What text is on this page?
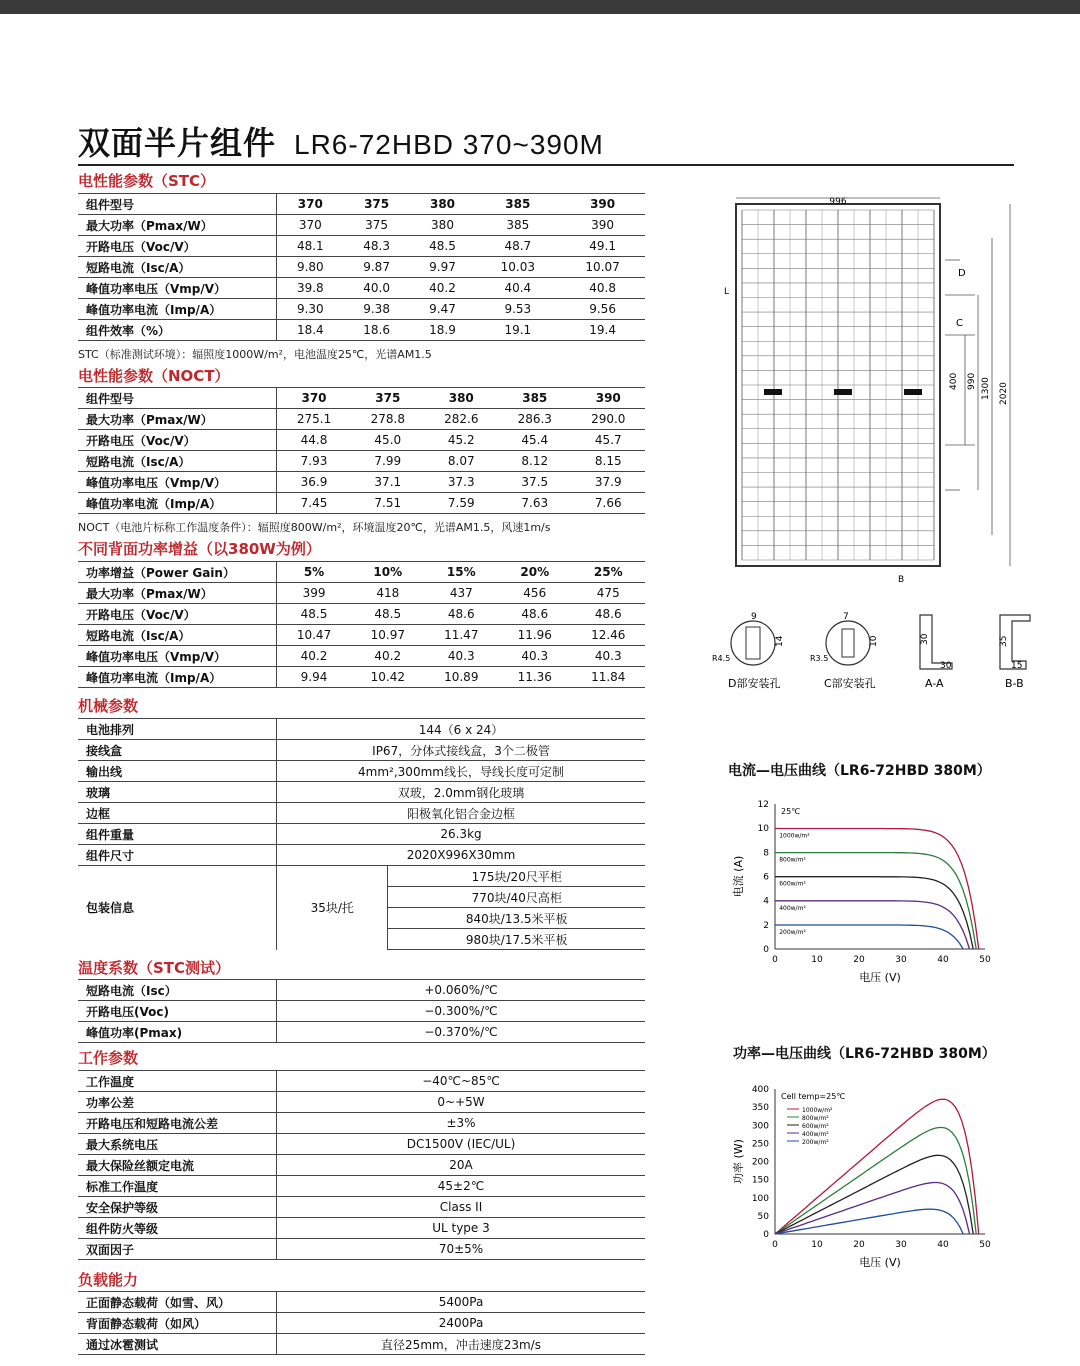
双面半片组件 LR6-72HBD 370~390M
电性能参数（STC）
组件型号	370	375	380	385	390
最大功率（Pmax/W）	370	375	380	385	390
开路电压（Voc/V）	48.1	48.3	48.5	48.7	49.1
短路电流（Isc/A）	9.80	9.87	9.97	10.03	10.07
峰值功率电压（Vmp/V）	39.8	40.0	40.2	40.4	40.8
峰值功率电流（Imp/A）	9.30	9.38	9.47	9.53	9.56
组件效率（%）	18.4	18.6	18.9	19.1	19.4
STC（标准测试环境）：辐照度1000W/m²，电池温度25℃，光谱AM1.5
电性能参数（NOCT）
组件型号	370	375	380	385	390
最大功率（Pmax/W）	275.1	278.8	282.6	286.3	290.0
开路电压（Voc/V）	44.8	45.0	45.2	45.4	45.7
短路电流（Isc/A）	7.93	7.99	8.07	8.12	8.15
峰值功率电压（Vmp/V）	36.9	37.1	37.3	37.5	37.9
峰值功率电流（Imp/A）	7.45	7.51	7.59	7.63	7.66
NOCT（电池片标称工作温度条件）：辐照度800W/m²，环境温度20℃，光谱AM1.5，风速1m/s
不同背面功率增益（以380W为例）
功率增益（Power Gain）	5%	10%	15%	20%	25%
最大功率（Pmax/W）	399	418	437	456	475
开路电压（Voc/V）	48.5	48.5	48.6	48.6	48.6
短路电流（Isc/A）	10.47	10.97	11.47	11.96	12.46
峰值功率电压（Vmp/V）	40.2	40.2	40.3	40.3	40.3
峰值功率电流（Imp/A）	9.94	10.42	10.89	11.36	11.84
机械参数
电池排列	144（6 x 24）	
接线盒	IP67，分体式接线盒，3个二极管	
输出线	4mm²,300mm线长，导线长度可定制	
玻璃	双玻，2.0mm钢化玻璃	
边框	阳极氧化铝合金边框	
组件重量	26.3kg	
组件尺寸	2020X996X30mm	
包装信息	35块/托	175块/20尺平柜
		770块/40尺高柜
		840块/13.5米平板
		980块/17.5米平板
温度系数（STC测试）
短路电流（Isc）	+0.060%/℃
开路电压(Voc)	−0.300%/℃
峰值功率(Pmax)	−0.370%/℃
工作参数
工作温度	−40℃~85℃
功率公差	0~+5W
开路电压和短路电流公差	±3%
最大系统电压	DC1500V (IEC/UL)
最大保险丝额定电流	20A
标准工作温度	45±2℃
安全保护等级	Class II
组件防火等级	UL type 3
双面因子	70±5%
负载能力
正面静态载荷（如雪、风）	5400Pa
背面静态载荷（如风）	2400Pa
通过冰雹测试	直径25mm，冲击速度23m/s
996
400 990 1300 2020
D
C
B
L
9
14
R4.5
D部安装孔
7
10
R3.5
C部安装孔
30
30
A-A
35
15
B-B
电流—电压曲线（LR6-72HBD 380M）
0	10	20	30	40	50
0
2
4
6
8
10
12
电压 (V)
电流 (A)
25℃
1000w/m²
800w/m²
600w/m²
400w/m²
200w/m²
功率—电压曲线（LR6-72HBD 380M）
0	10	20	30	40	50
0
50
100
150
200
250
300
350
400
电压 (V)
功率 (W)
Cell temp=25℃
1000w/m²
800w/m²
600w/m²
400w/m²
200w/m²
